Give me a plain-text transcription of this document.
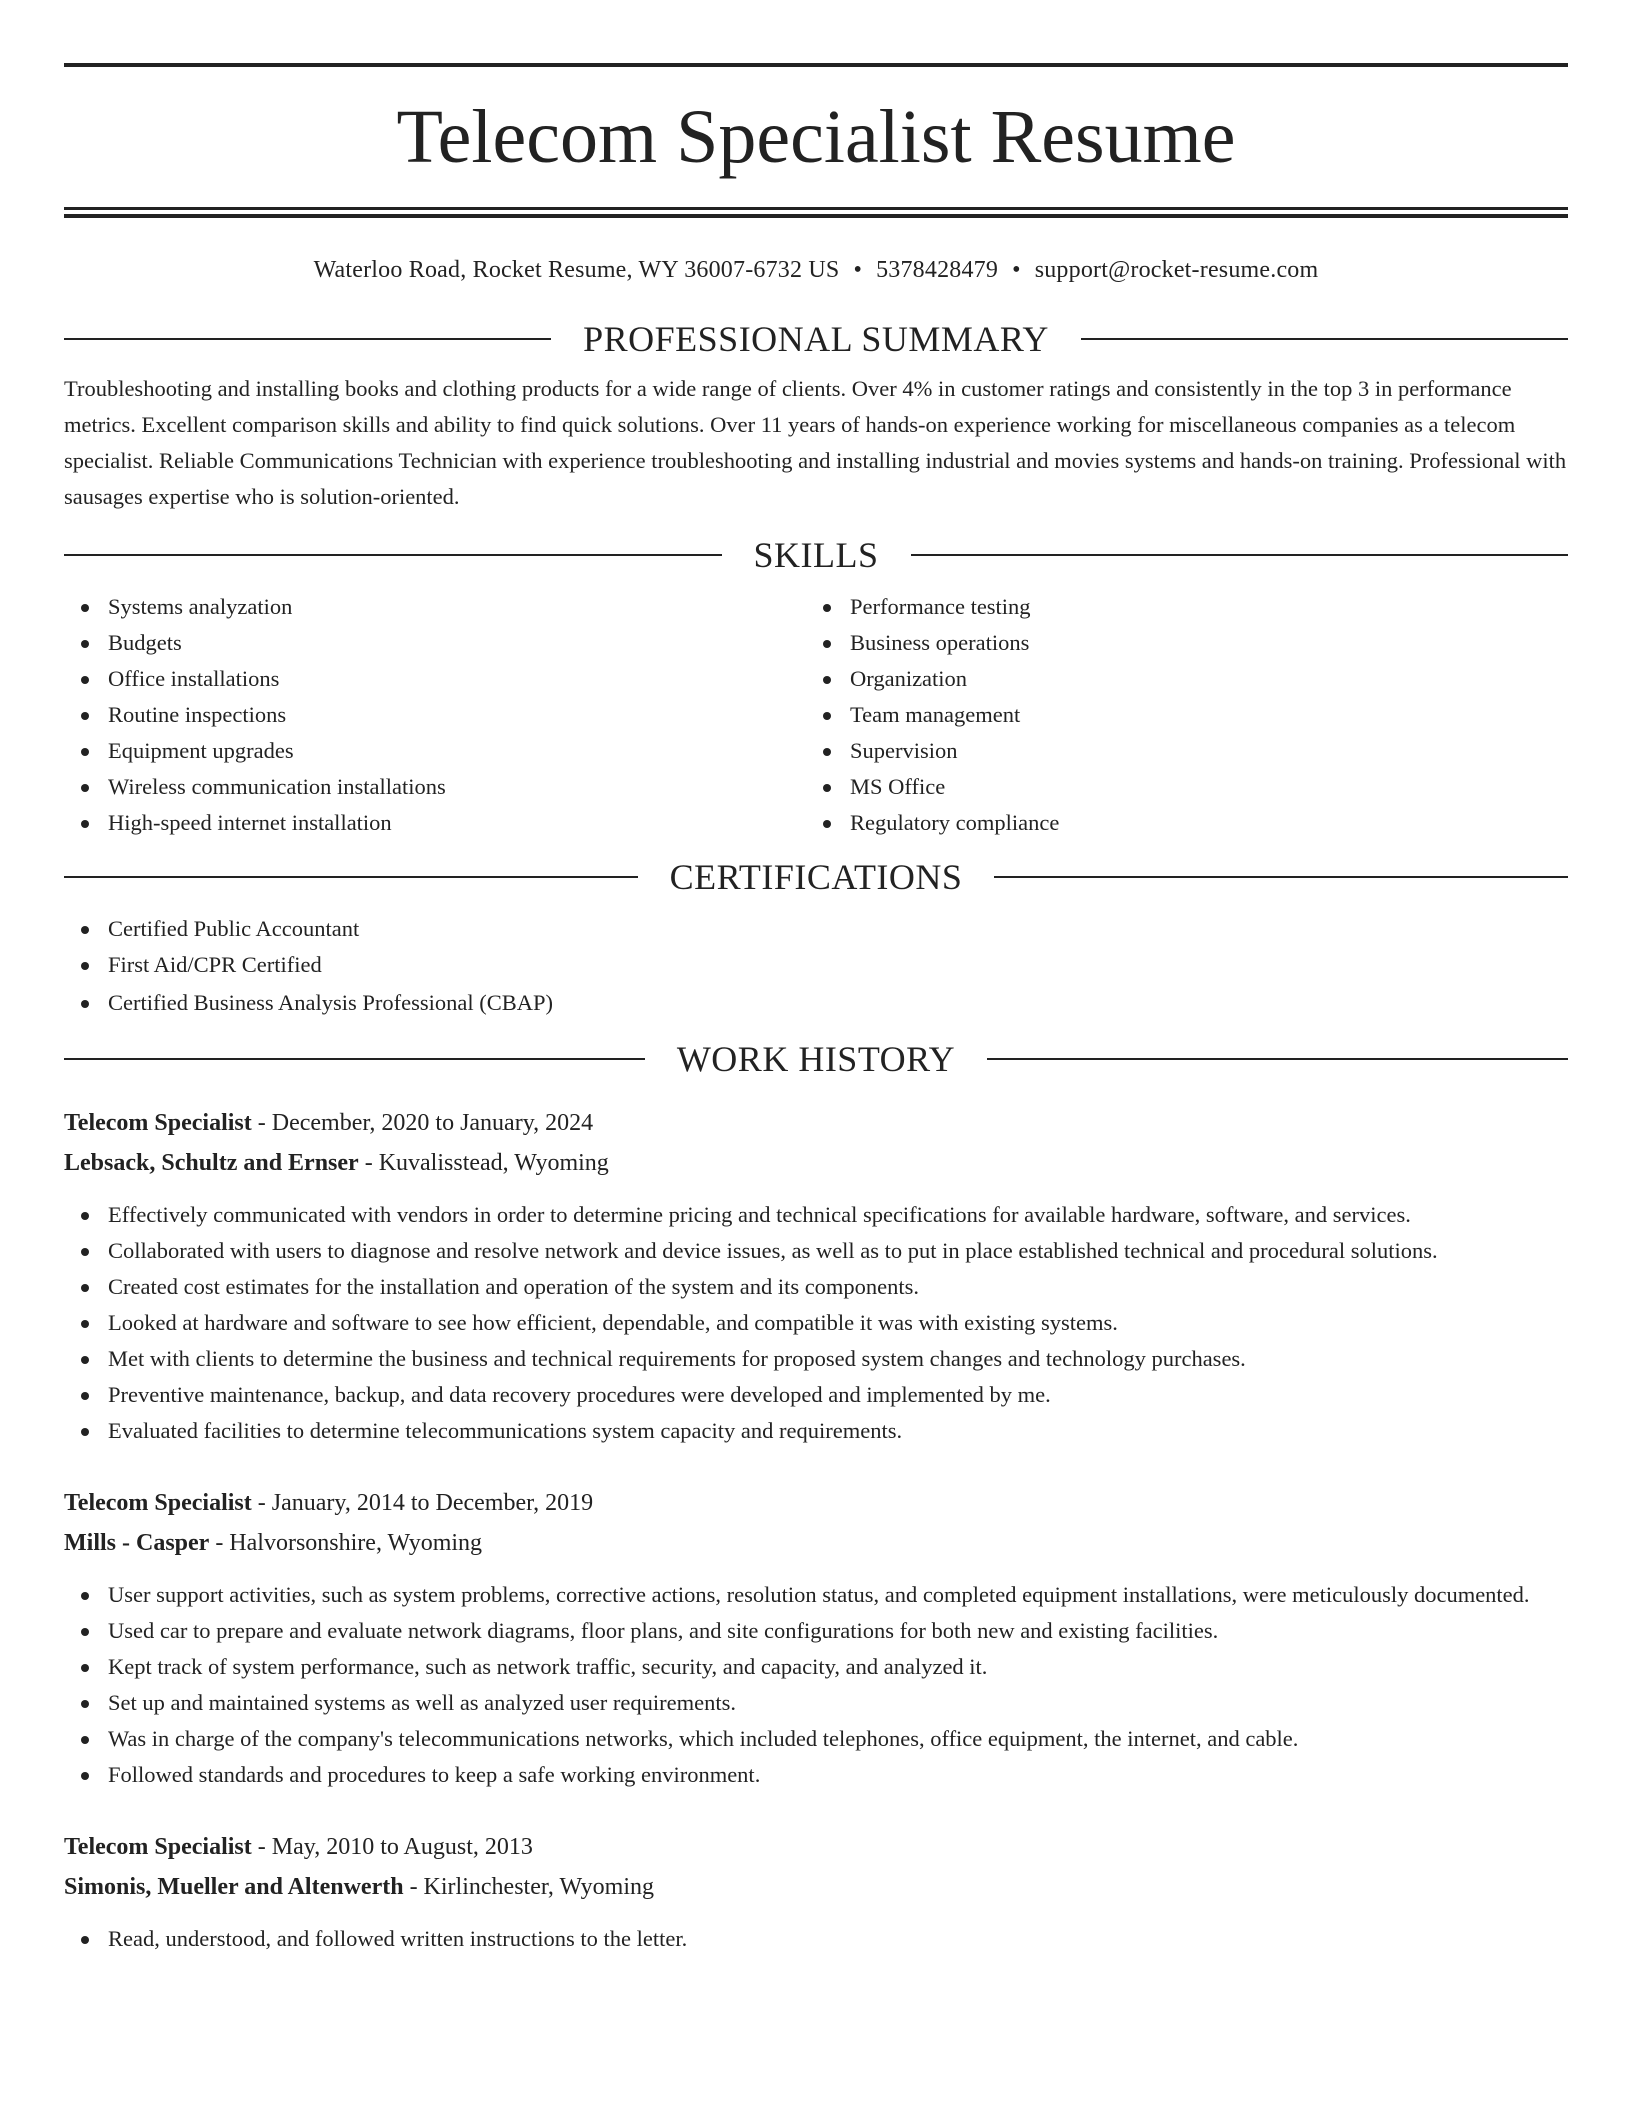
Telecom Specialist Resume
Waterloo Road, Rocket Resume, WY 36007-6732 US • 5378428479 • support@rocket-resume.com
PROFESSIONAL SUMMARY

Troubleshooting and installing books and clothing products for a wide range of clients. Over 4% in customer ratings and consistently in the top 3 in performance metrics. Excellent comparison skills and ability to find quick solutions. Over 11 years of hands-on experience working for miscellaneous companies as a telecom specialist. Reliable Communications Technician with experience troubleshooting and installing industrial and movies systems and hands-on training. Professional with sausages expertise who is solution-oriented.

SKILLS
Systems analyzation
Budgets
Office installations
Routine inspections
Equipment upgrades
Wireless communication installations
High-speed internet installation
Performance testing
Business operations
Organization
Team management
Supervision
MS Office
Regulatory compliance
CERTIFICATIONS
Certified Public Accountant
First Aid/CPR Certified
Certified Business Analysis Professional (CBAP)
WORK HISTORY
Telecom Specialist - December, 2020 to January, 2024
Lebsack, Schultz and Ernser - Kuvalisstead, Wyoming
Effectively communicated with vendors in order to determine pricing and technical specifications for available hardware, software, and services.
Collaborated with users to diagnose and resolve network and device issues, as well as to put in place established technical and procedural solutions.
Created cost estimates for the installation and operation of the system and its components.
Looked at hardware and software to see how efficient, dependable, and compatible it was with existing systems.
Met with clients to determine the business and technical requirements for proposed system changes and technology purchases.
Preventive maintenance, backup, and data recovery procedures were developed and implemented by me.
Evaluated facilities to determine telecommunications system capacity and requirements.
Telecom Specialist - January, 2014 to December, 2019
Mills - Casper - Halvorsonshire, Wyoming
User support activities, such as system problems, corrective actions, resolution status, and completed equipment installations, were meticulously documented.
Used car to prepare and evaluate network diagrams, floor plans, and site configurations for both new and existing facilities.
Kept track of system performance, such as network traffic, security, and capacity, and analyzed it.
Set up and maintained systems as well as analyzed user requirements.
Was in charge of the company's telecommunications networks, which included telephones, office equipment, the internet, and cable.
Followed standards and procedures to keep a safe working environment.
Telecom Specialist - May, 2010 to August, 2013
Simonis, Mueller and Altenwerth - Kirlinchester, Wyoming
Read, understood, and followed written instructions to the letter.
